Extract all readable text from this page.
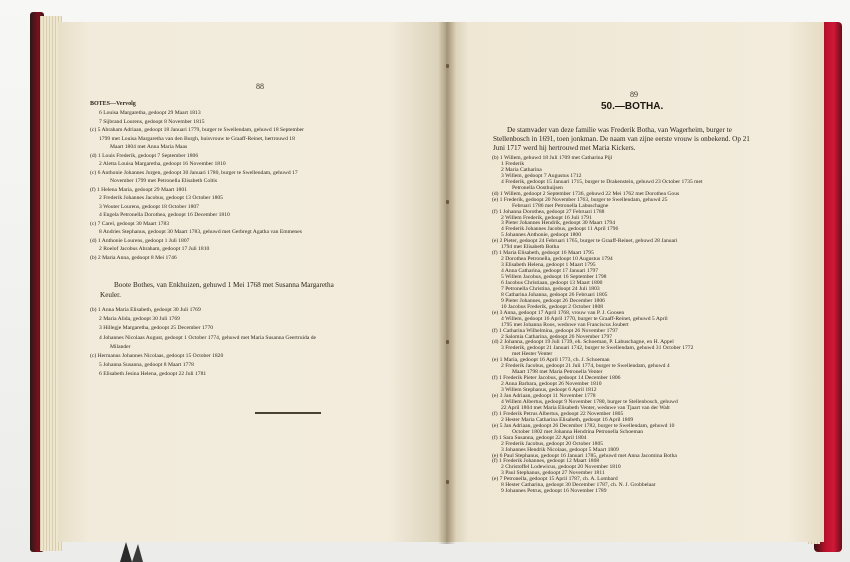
88
BOTES—Vervolg
6 Louisa Margaretha, gedoopt 29 Maart 1813
7 Sijbrand Lourens, gedoopt 8 November 1815
(c) 5 Abraham Adriaan, gedoopt 18 Januari 1779, burger te Swellendam, gehuwd 18 September
1799 met Louisa Margaretha van den Burgh, huisvrouw te Graaff-Reinet, hertrouwd 18
Maart 1804 met Anna Maria Maas
(d) 1 Louis Frederik, gedoopt 7 September 1806
2 Aletta Louisa Margaretha, gedoopt 16 November 1810
(c) 6 Anthonie Johannes Jurgen, gedoopt 30 Januari 1780, burger te Swellendam, gehuwd 17
November 1799 met Petronella Elisabeth Coltis
(f) 1 Helena Maria, gedoopt 29 Maart 1801
2 Frederik Johannes Jacobus, gedoopt 13 October 1805
3 Wouter Lourens, gedoopt 18 October 1807
4 Engela Petronella Dorothea, gedoopt 16 December 1810
(c) 7 Carel, gedoopt 30 Maart 1783
8 Andries Stephanus, gedoopt 30 Maart 1783, gehuwd met Gerbregt Agatha van Emmenes
(d) 1 Anthonie Lourens, gedoopt 1 Juli 1807
2 Roelof Jacobus Abraham, gedoopt 17 Juli 1810
(b) 2 Maria Anna, gedoopt 8 Mei 1746
Boote Bothes, van Enkhuizen, gehuwd 1 Mei 1768 met Susanna Margaretha
Keuler.
(b) 1 Anna Maria Elisabeth, gedoopt 30 Juli 1769
2 Maria Alida, gedoopt 30 Juli 1769
3 Hillegje Margaretha, gedoopt 25 December 1770
4 Johannes Nicolaas August, gedoopt 1 October 1774, gehuwd met Maria Susanna Geertruida de
Milander
(c) Hermanus Johannes Nicolaas, gedoopt 15 October 1820
5 Johanna Susanna, gedoopt 8 Maart 1778
6 Elisabeth Jesina Helena, gedoopt 22 Juli 1781
89
50.—BOTHA.
De stamvader van deze familie was Frederik Botha, van Wagerheim, burger te
Stellenbosch in 1691, toen jonkman. De naam van zijne eerste vrouw is onbekend. Op 21
Juni 1717 werd hij hertrouwd met Maria Kickers.
(b) 1 Willem, gehuwd 18 Juli 1709 met Catharina Pijl
1 Frederik
2 Maria Catharina
3 Willem, gedoopt 7 Augustus 1712
4 Frederik, gedoopt 15 Januari 1715, burger te Drakenstein, gehuwd 23 October 1735 met
Petronella Oosthuijsen
(d) 1 Willem, gedoopt 2 September 1736, gehuwd 22 Mei 1762 met Dorothea Gous
(e) 1 Frederik, gedoopt 20 November 1763, burger te Swellendam, gehuwd 25
Februari 1786 met Petronella Labuschagne
(f) 1 Johanna Dorothea, gedoopt 27 Februari 1788
2 Willem Frederik, gedoopt 16 Juli 1791
3 Pieter Johannes Hendrik, gedoopt 30 Maart 1794
4 Frederik Johannes Jacobus, gedoopt 11 April 1796
5 Johannes Anthonie, gedoopt 1800
(e) 2 Pieter, gedoopt 24 Februari 1765, burger te Graaff-Reinet, gehuwd 28 Januari
1794 met Elisabeth Botha
(f) 1 Maria Elisabeth, gedoopt 16 Maart 1795
2 Dorothea Petronella, gedoopt 10 Augustus 1794
3 Elisabeth Helena, gedoopt 1 Maart 1795
4 Anna Catharina, gedoopt 17 Januari 1797
5 Willem Jacobus, gedoopt 16 September 1798
6 Jacobus Christiaan, gedoopt 13 Maart 1800
7 Petronella Christina, gedoopt 24 Juli 1803
8 Catharina Johanna, gedoopt 26 Februari 1805
9 Pieter Johannes, gedoopt 26 December 1806
10 Jacobus Frederik, gedoopt 2 October 1808
(e) 3 Anna, gedoopt 17 April 1768, vrouw van P. J. Goosen
4 Willem, gedoopt 16 April 1770, burger te Graaff-Reinet, gehuwd 5 April
1795 met Johanna Roos, weduwe van Franciscus Joubert
(f) 1 Catharina Wilhelmina, gedoopt 26 November 1797
2 Salomia Catharina, gedoopt 26 November 1797
(d) 2 Johanna, gedoopt 19 Juli 1739, eh. Schoeman, P. Labuschagne, en H. Appel
3 Frederik, gedoopt 21 Januari 1742, burger te Swellendam, gehuwd 31 October 1772
met Hester Venter
(e) 1 Maria, gedoopt 16 April 1773, ch. J. Schoeman
2 Frederik Jacobus, gedoopt 21 Juli 1774, burger te Swellendam, gehuwd 4
Maart 1798 met Maria Petronella Venter
(f) 1 Frederik Pieter Jacobus, gedoopt 14 December 1806
2 Anna Barbara, gedoopt 26 November 1810
3 Willem Stephanus, gedoopt 6 April 1812
(e) 3 Jan Adriaan, gedoopt 11 November 1778
4 Willem Albertus, gedoopt 9 November 1780, burger te Stellenbosch, gehuwd
22 April 1804 met Maria Elisabeth Venter, weduwe van Tjaart van der Walt
(f) 1 Frederik Petrus Albertus, gedoopt 22 November 1805
2 Hester Maria Catharina Elisabeth, gedoopt 16 April 1809
(e) 5 Jan Adriaan, gedoopt 26 December 1782, burger te Swellendam, gehuwd 10
October 1802 met Johanna Hendrina Petronella Schoeman
(f) 1 Sara Susanna, gedoopt 22 April 1804
2 Frederik Jacobus, gedoopt 20 October 1805
3 Johannes Hendrik Nicolaas, gedoopt 5 Maart 1809
(e) 6 Paul Stephanus, gedoopt 16 Januari 1785, gehuwd met Anna Jacomina Botha
(f) 1 Frederik Johannes, gedoopt 12 Maart 1808
2 Christoffel Lodewicus, gedoopt 20 November 1810
3 Paul Stephanus, gedoopt 27 November 1811
(e) 7 Petronella, gedoopt 15 April 1787, ch. A. Lombard
8 Hester Catharina, gedoopt 30 December 1787, ch. N. J. Grobbelaar
9 Johannes Petrus, gedoopt 16 November 1789
